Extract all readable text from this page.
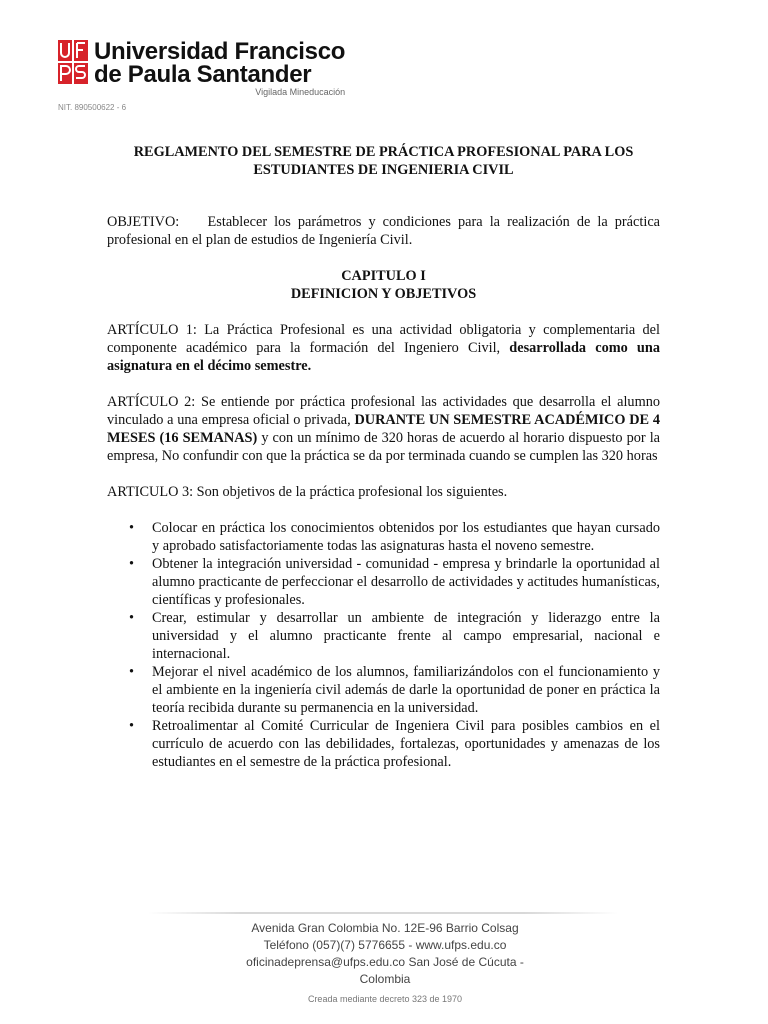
Universidad Francisco
de Paula Santander
Vigilada Mineducación
NIT. 890500622 - 6

REGLAMENTO DEL SEMESTRE DE PRÁCTICA PROFESIONAL PARA LOS

ESTUDIANTES DE INGENIERIA CIVIL

OBJETIVO: Establecer los parámetros y condiciones para la realización de la práctica profesional en el plan de estudios de Ingeniería Civil.

CAPITULO I

DEFINICION Y OBJETIVOS

ARTÍCULO 1: La Práctica Profesional es una actividad obligatoria y complementaria del componente académico para la formación del Ingeniero Civil, desarrollada como una asignatura en el décimo semestre.

ARTÍCULO 2: Se entiende por práctica profesional las actividades que desarrolla el alumno vinculado a una empresa oficial o privada, DURANTE UN SEMESTRE ACADÉMICO DE 4 MESES (16 SEMANAS) y con un mínimo de 320 horas de acuerdo al horario dispuesto por la empresa, No confundir con que la práctica se da por terminada cuando se cumplen las 320 horas

ARTICULO 3: Son objetivos de la práctica profesional los siguientes.

• Colocar en práctica los conocimientos obtenidos por los estudiantes que hayan cursado y aprobado satisfactoriamente todas las asignaturas hasta el noveno semestre.
• Obtener la integración universidad - comunidad - empresa y brindarle la oportunidad al alumno practicante de perfeccionar el desarrollo de actividades y actitudes humanísticas, científicas y profesionales.
• Crear, estimular y desarrollar un ambiente de integración y liderazgo entre la universidad y el alumno practicante frente al campo empresarial, nacional e internacional.
• Mejorar el nivel académico de los alumnos, familiarizándolos con el funcionamiento y el ambiente en la ingeniería civil además de darle la oportunidad de poner en práctica la teoría recibida durante su permanencia en la universidad.
• Retroalimentar al Comité Curricular de Ingeniera Civil para posibles cambios en el currículo de acuerdo con las debilidades, fortalezas, oportunidades y amenazas de los estudiantes en el semestre de la práctica profesional.
Avenida Gran Colombia No. 12E-96 Barrio Colsag
Teléfono (057)(7) 5776655 - www.ufps.edu.co
oficinadeprensa@ufps.edu.co San José de Cúcuta - Colombia
Creada mediante decreto 323 de 1970
